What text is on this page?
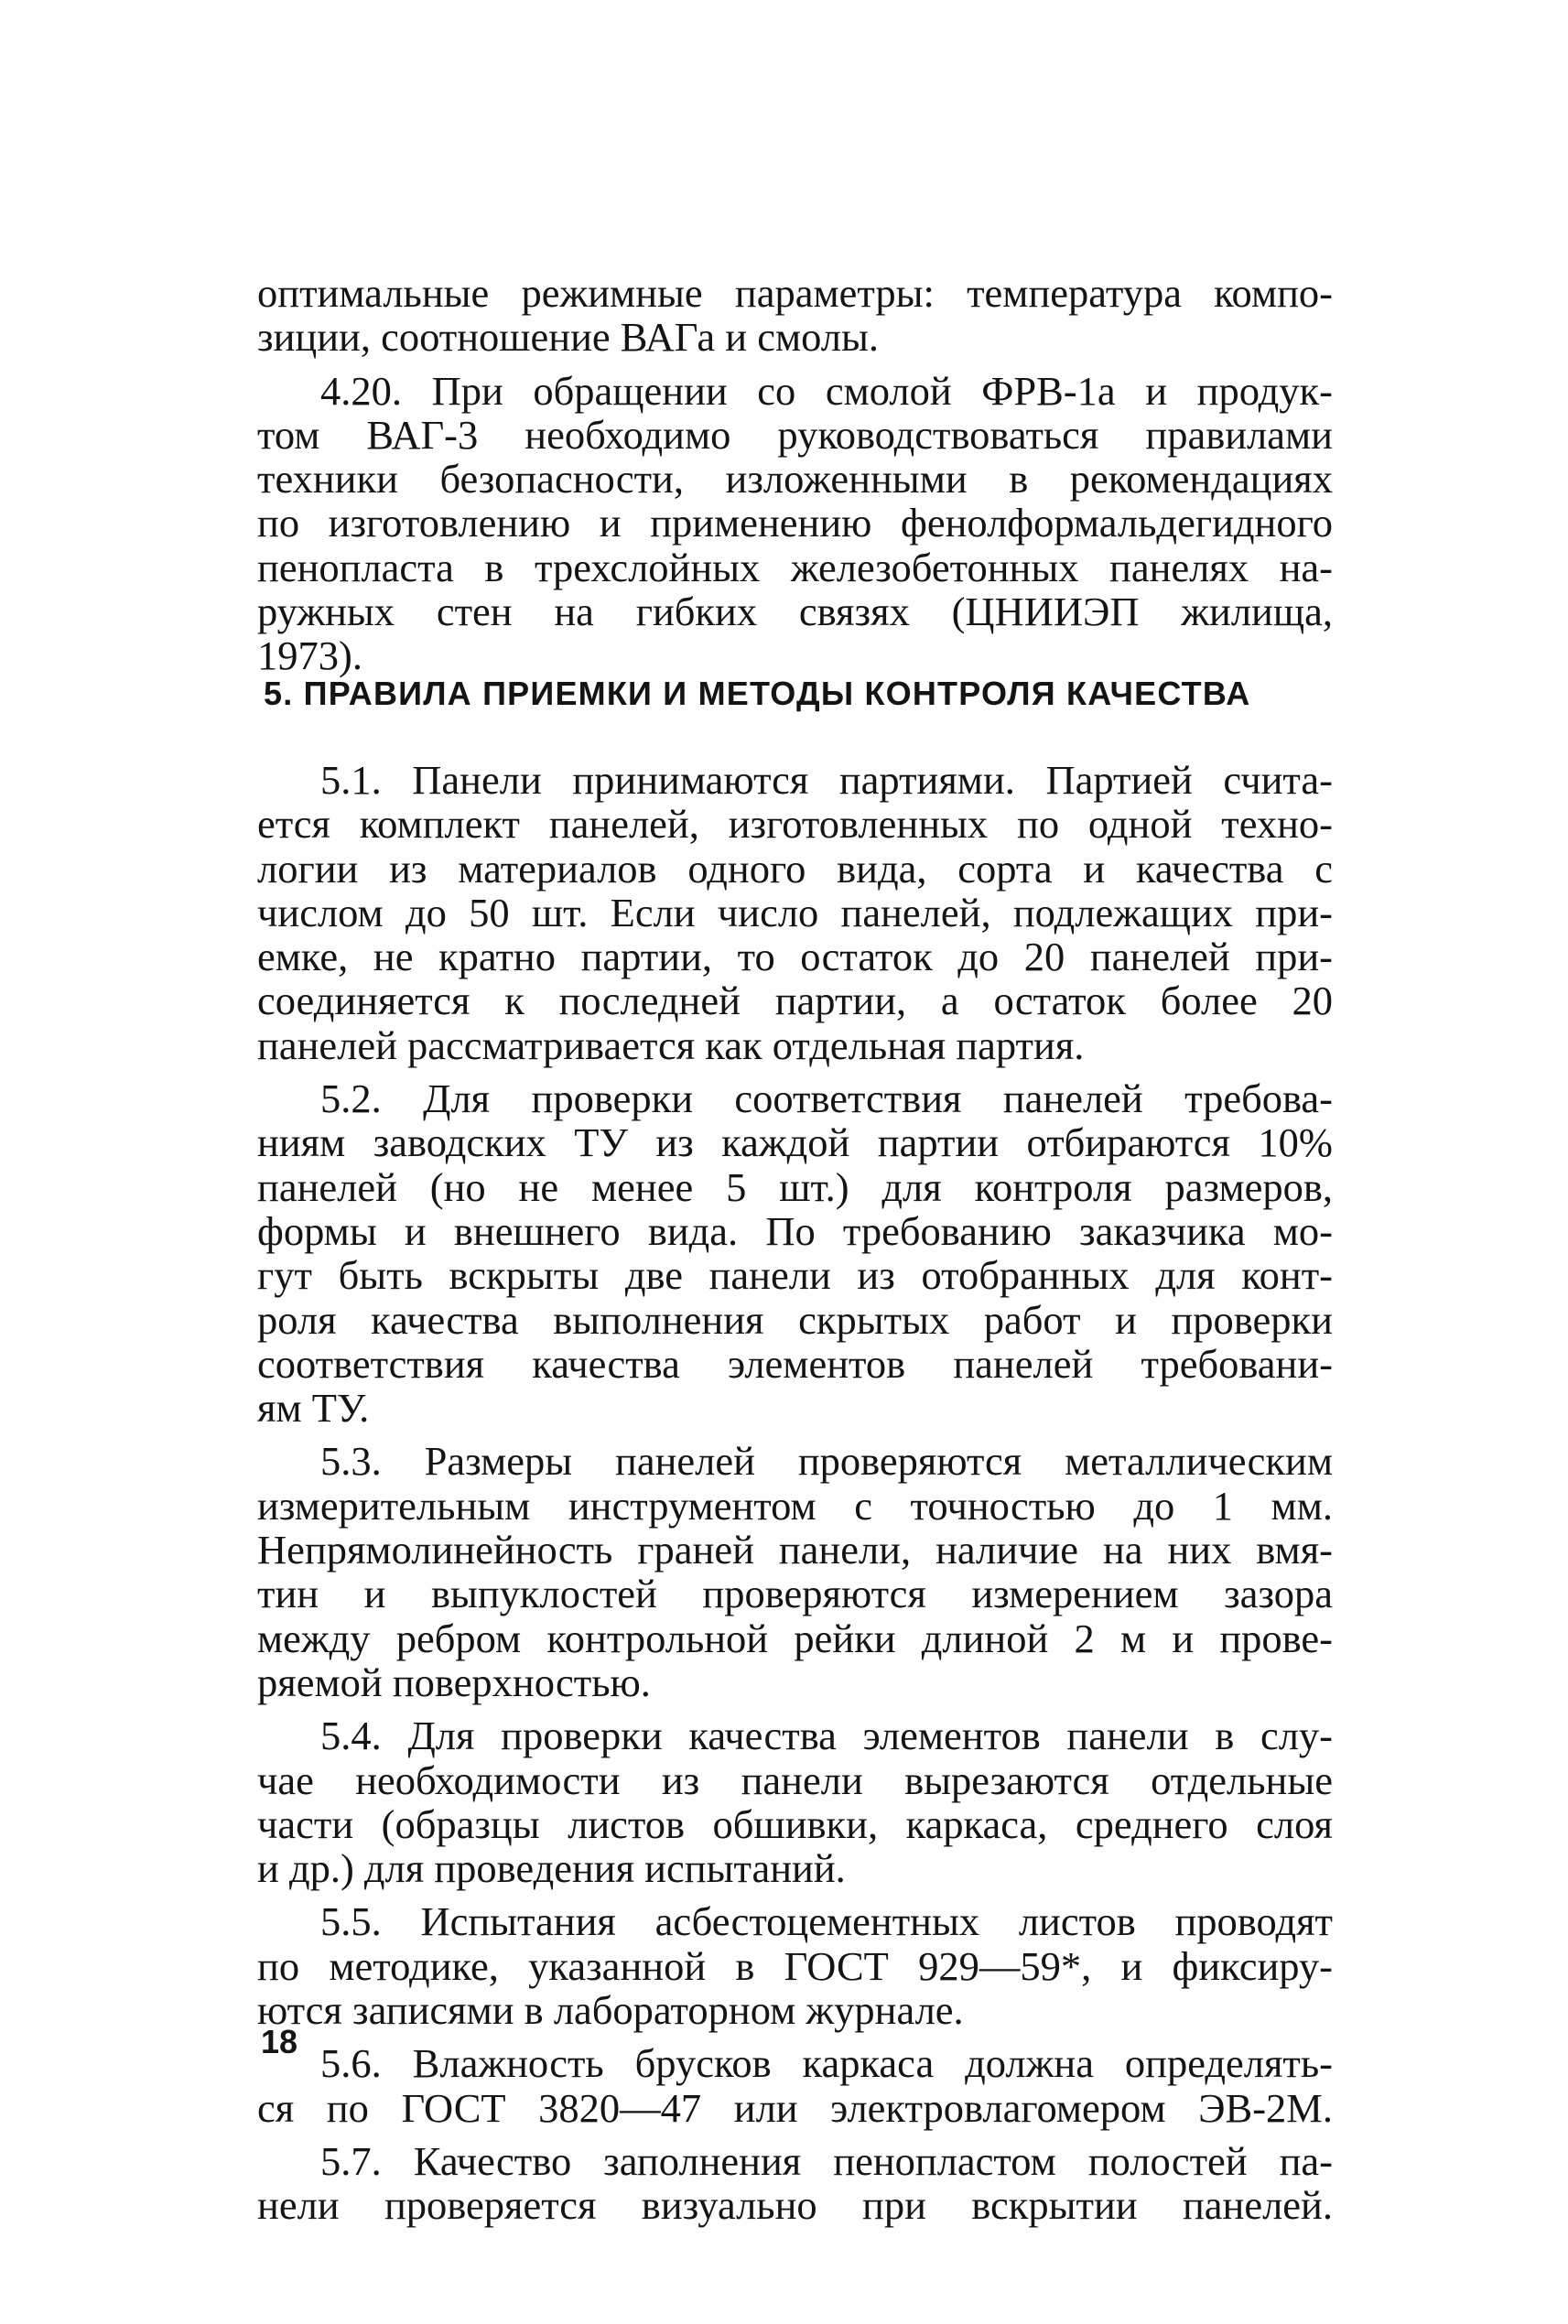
оптимальные режимные параметры: температура компо-
зиции, соотношение ВАГа и смолы.
4.20. При обращении со смолой ФРВ-1а и продук-
том ВАГ-3 необходимо руководствоваться правилами
техники безопасности, изложенными в рекомендациях
по изготовлению и применению фенолформальдегидного
пенопласта в трехслойных железобетонных панелях на-
ружных стен на гибких связях (ЦНИИЭП жилища,
1973).
5. ПРАВИЛА ПРИЕМКИ И МЕТОДЫ КОНТРОЛЯ КАЧЕСТВА
5.1. Панели принимаются партиями. Партией счита-
ется комплект панелей, изготовленных по одной техно-
логии из материалов одного вида, сорта и качества с
числом до 50 шт. Если число панелей, подлежащих при-
емке, не кратно партии, то остаток до 20 панелей при-
соединяется к последней партии, а остаток более 20
панелей рассматривается как отдельная партия.
5.2. Для проверки соответствия панелей требова-
ниям заводских ТУ из каждой партии отбираются 10%
панелей (но не менее 5 шт.) для контроля размеров,
формы и внешнего вида. По требованию заказчика мо-
гут быть вскрыты две панели из отобранных для конт-
роля качества выполнения скрытых работ и проверки
соответствия качества элементов панелей требовани-
ям ТУ.
5.3. Размеры панелей проверяются металлическим
измерительным инструментом с точностью до 1 мм.
Непрямолинейность граней панели, наличие на них вмя-
тин и выпуклостей проверяются измерением зазора
между ребром контрольной рейки длиной 2 м и прове-
ряемой поверхностью.
5.4. Для проверки качества элементов панели в слу-
чае необходимости из панели вырезаются отдельные
части (образцы листов обшивки, каркаса, среднего слоя
и др.) для проведения испытаний.
5.5. Испытания асбестоцементных листов проводят
по методике, указанной в ГОСТ 929—59*, и фиксиру-
ются записями в лабораторном журнале.
5.6. Влажность брусков каркаса должна определять-
ся по ГОСТ 3820—47 или электровлагомером ЭВ-2М.
5.7. Качество заполнения пенопластом полостей па-
нели проверяется визуально при вскрытии панелей.
18
